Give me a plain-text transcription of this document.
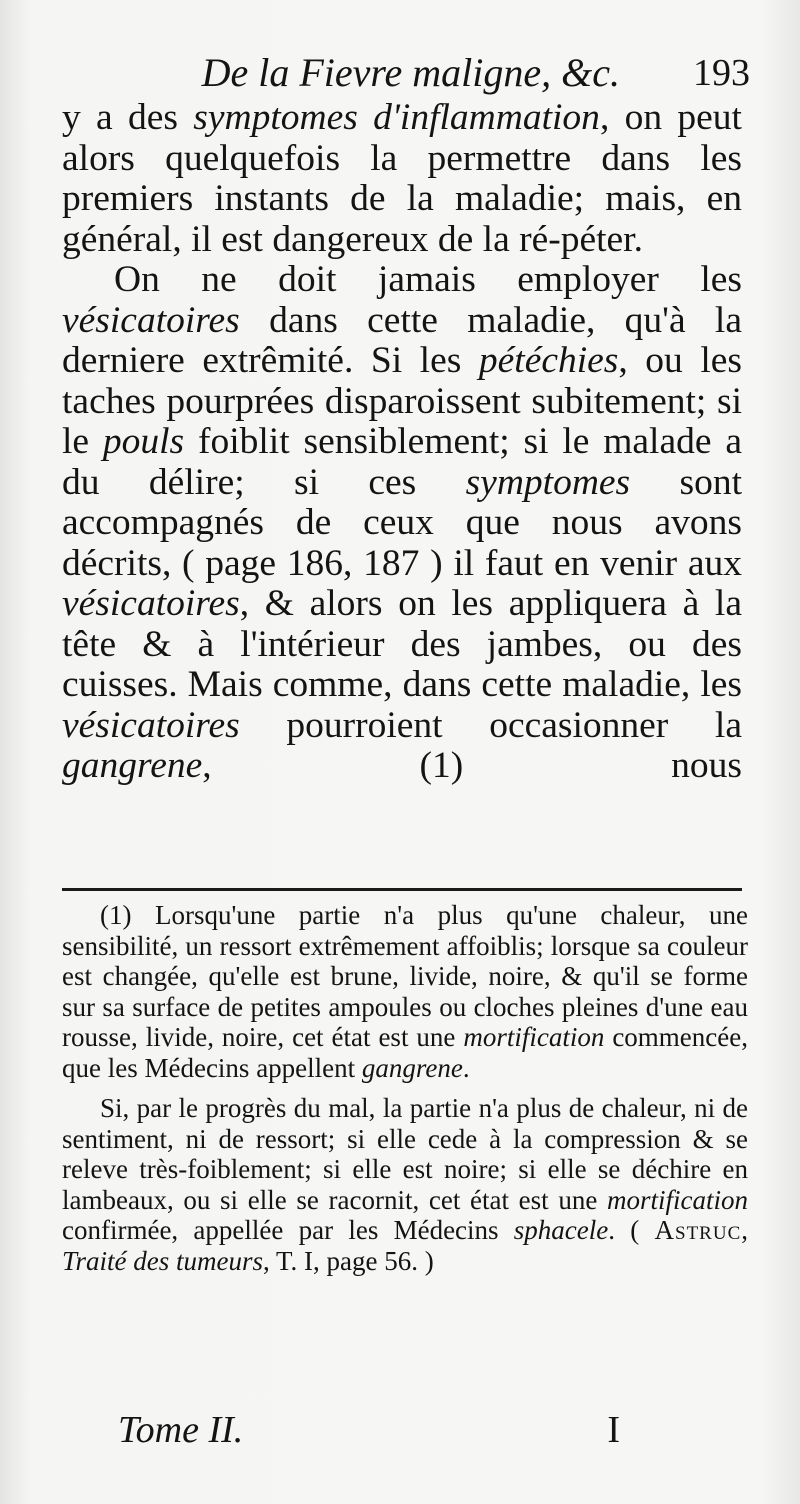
De la Fievre maligne, &c. 193

y a des symptomes d'inflammation, on peut alors quelquefois la permettre dans les premiers instants de la maladie; mais, en général, il est dangereux de la ré-péter.

On ne doit jamais employer les vésicatoires dans cette maladie, qu'à la derniere extrêmité. Si les pétéchies, ou les taches pourprées disparoissent subitement; si le pouls foiblit sensiblement; si le malade a du délire; si ces symptomes sont accompagnés de ceux que nous avons décrits, ( page 186, 187 ) il faut en venir aux vésicatoires, & alors on les appliquera à la tête & à l'intérieur des jambes, ou des cuisses. Mais comme, dans cette maladie, les vésicatoires pourroient occasionner la gangrene, (1) nous

(1) Lorsqu'une partie n'a plus qu'une chaleur, une sensibilité, un ressort extrêmement affoiblis; lorsque sa couleur est changée, qu'elle est brune, livide, noire, & qu'il se forme sur sa surface de petites ampoules ou cloches pleines d'une eau rousse, livide, noire, cet état est une mortification commencée, que les Médecins appellent gangrene.

Si, par le progrès du mal, la partie n'a plus de chaleur, ni de sentiment, ni de ressort; si elle cede à la compression & se releve très-foiblement; si elle est noire; si elle se déchire en lambeaux, ou si elle se racornit, cet état est une mortification confirmée, appellée par les Médecins sphacele. ( Astruc, Traité des tumeurs, T. I, page 56. )

Tome II.	I
